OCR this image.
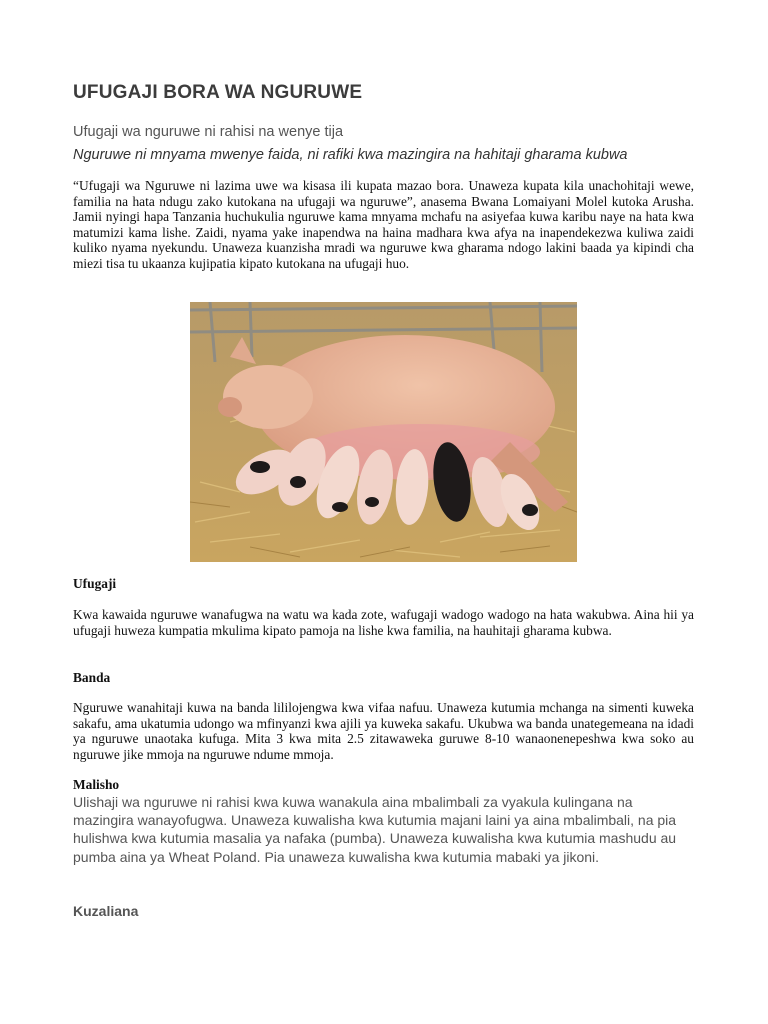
UFUGAJI BORA WA NGURUWE

Ufugaji wa nguruwe ni rahisi na wenye tija

Nguruwe ni mnyama mwenye faida, ni rafiki kwa mazingira na hahitaji gharama kubwa

“Ufugaji wa Nguruwe ni lazima uwe wa kisasa ili kupata mazao bora. Unaweza kupata kila unachohitaji wewe, familia na hata ndugu zako kutokana na ufugaji wa nguruwe”, anasema Bwana Lomaiyani Molel kutoka Arusha. Jamii nyingi hapa Tanzania huchukulia nguruwe kama mnyama mchafu na asiyefaa kuwa karibu naye na hata kwa matumizi kama lishe. Zaidi, nyama yake inapendwa na haina madhara kwa afya na inapendekezwa kuliwa zaidi kuliko nyama nyekundu. Unaweza kuanzisha mradi wa nguruwe kwa gharama ndogo lakini baada ya kipindi cha miezi tisa tu ukaanza kujipatia kipato kutokana na ufugaji huo.

Ufugaji

Kwa kawaida nguruwe wanafugwa na watu wa kada zote, wafugaji wadogo wadogo na hata wakubwa. Aina hii ya ufugaji huweza kumpatia mkulima kipato pamoja na lishe kwa familia, na hauhitaji gharama kubwa.

Banda

Nguruwe wanahitaji kuwa na banda lililojengwa kwa vifaa nafuu. Unaweza kutumia mchanga na simenti kuweka sakafu, ama ukatumia udongo wa mfinyanzi kwa ajili ya kuweka sakafu. Ukubwa wa banda unategemeana na idadi ya nguruwe unaotaka kufuga. Mita 3 kwa mita 2.5 zitawaweka guruwe 8-10 wanaonenepeshwa kwa soko au nguruwe jike mmoja na nguruwe ndume mmoja.

Malisho

Ulishaji wa nguruwe ni rahisi kwa kuwa wanakula aina mbalimbali za vyakula kulingana na mazingira wanayofugwa. Unaweza kuwalisha kwa kutumia majani laini ya aina mbalimbali, na pia hulishwa kwa kutumia masalia ya nafaka (pumba). Unaweza kuwalisha kwa kutumia mashudu au pumba aina ya Wheat Poland. Pia unaweza kuwalisha kwa kutumia mabaki ya jikoni.

Kuzaliana
